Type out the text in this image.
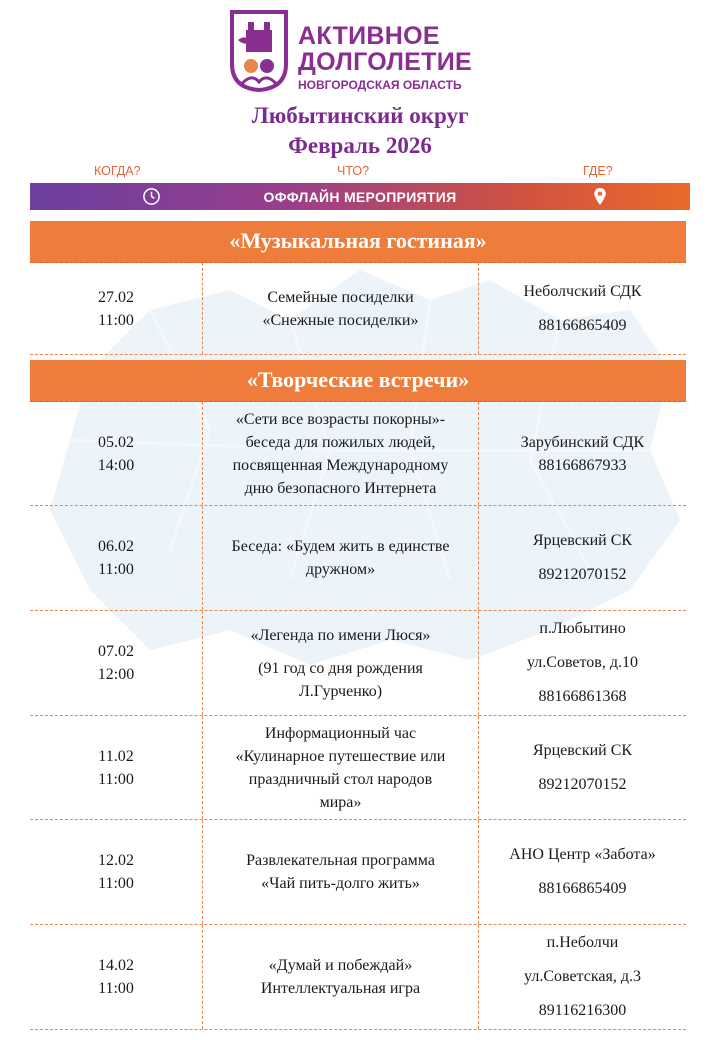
АКТИВНОЕ
ДОЛГОЛЕТИЕ
НОВГОРОДСКАЯ ОБЛАСТЬ
Любытинский округ
Февраль 2026
КОГДА?	ЧТО?	ГДЕ?
ОФФЛАЙН МЕРОПРИЯТИЯ
«Музыкальная гостиная»
27.02
11:00
Семейные посиделки
«Снежные посиделки»
Неболчский СДК
88166865409
«Творческие встречи»
05.02
14:00
«Сети все возрасты покорны»-
беседа для пожилых людей,
посвященная Международному
дню безопасного Интернета
Зарубинский СДК
88166867933
06.02
11:00
Беседа: «Будем жить в единстве
дружном»
Ярцевский СК
89212070152
07.02
12:00
«Легенда по имени Люся»
(91 год со дня рождения
Л.Гурченко)
п.Любытино
ул.Советов, д.10
88166861368
11.02
11:00
Информационный час
«Кулинарное путешествие или
праздничный стол народов
мира»
Ярцевский СК
89212070152
12.02
11:00
Развлекательная программа
«Чай пить-долго жить»
АНО Центр «Забота»
88166865409
14.02
11:00
«Думай и побеждай»
Интеллектуальная игра
п.Неболчи
ул.Советская, д.3
89116216300
